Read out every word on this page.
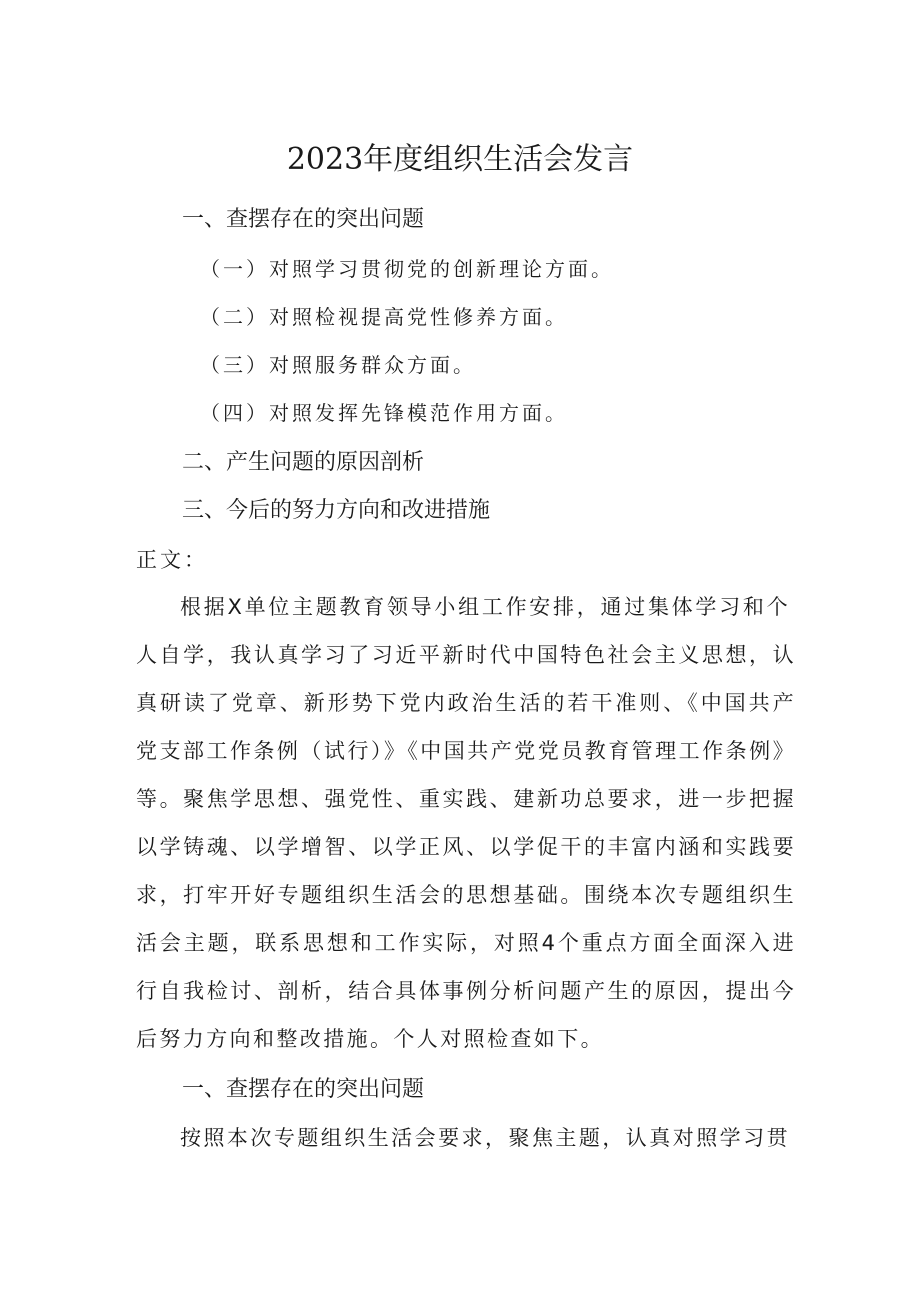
2023年度组织生活会发言
一、查摆存在的突出问题
（一）对照学习贯彻党的创新理论方面。
（二）对照检视提高党性修养方面。
（三）对照服务群众方面。
（四）对照发挥先锋模范作用方面。
二、产生问题的原因剖析
三、今后的努力方向和改进措施
正文：
根据X单位主题教育领导小组工作安排，通过集体学习和个
人自学，我认真学习了习近平新时代中国特色社会主义思想，认
真研读了党章、新形势下党内政治生活的若干准则、《中国共产
党支部工作条例（试行）》《中国共产党党员教育管理工作条例》
等。聚焦学思想、强党性、重实践、建新功总要求，进一步把握
以学铸魂、以学增智、以学正风、以学促干的丰富内涵和实践要
求，打牢开好专题组织生活会的思想基础。围绕本次专题组织生
活会主题，联系思想和工作实际，对照4个重点方面全面深入进
行自我检讨、剖析，结合具体事例分析问题产生的原因，提出今
后努力方向和整改措施。个人对照检查如下。
一、查摆存在的突出问题
按照本次专题组织生活会要求，聚焦主题，认真对照学习贯
